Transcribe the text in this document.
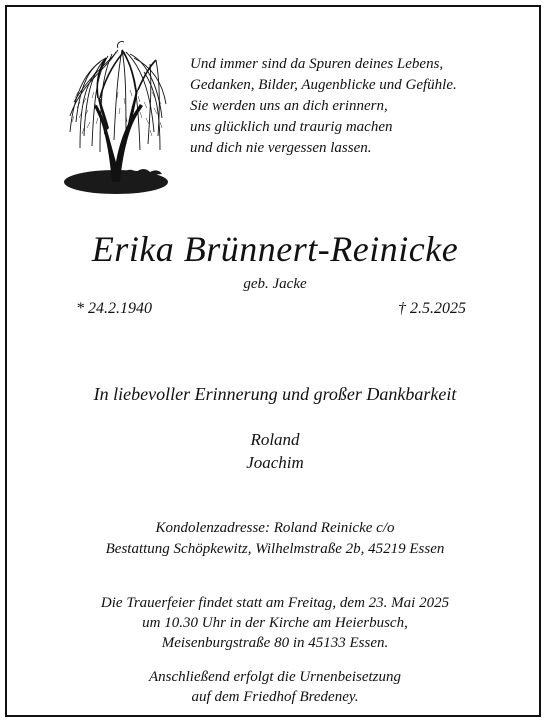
Und immer sind da Spuren deines Lebens,
Gedanken, Bilder, Augenblicke und Gefühle.
Sie werden uns an dich erinnern,
uns glücklich und traurig machen
und dich nie vergessen lassen.
Erika Brünnert-Reinicke
geb. Jacke
* 24.2.1940	† 2.5.2025
In liebevoller Erinnerung und großer Dankbarkeit
Roland
Joachim
Kondolenzadresse: Roland Reinicke c/o
Bestattung Schöpkewitz, Wilhelmstraße 2b, 45219 Essen
Die Trauerfeier findet statt am Freitag, dem 23. Mai 2025
um 10.30 Uhr in der Kirche am Heierbusch,
Meisenburgstraße 80 in 45133 Essen.
Anschließend erfolgt die Urnenbeisetzung
auf dem Friedhof Bredeney.
